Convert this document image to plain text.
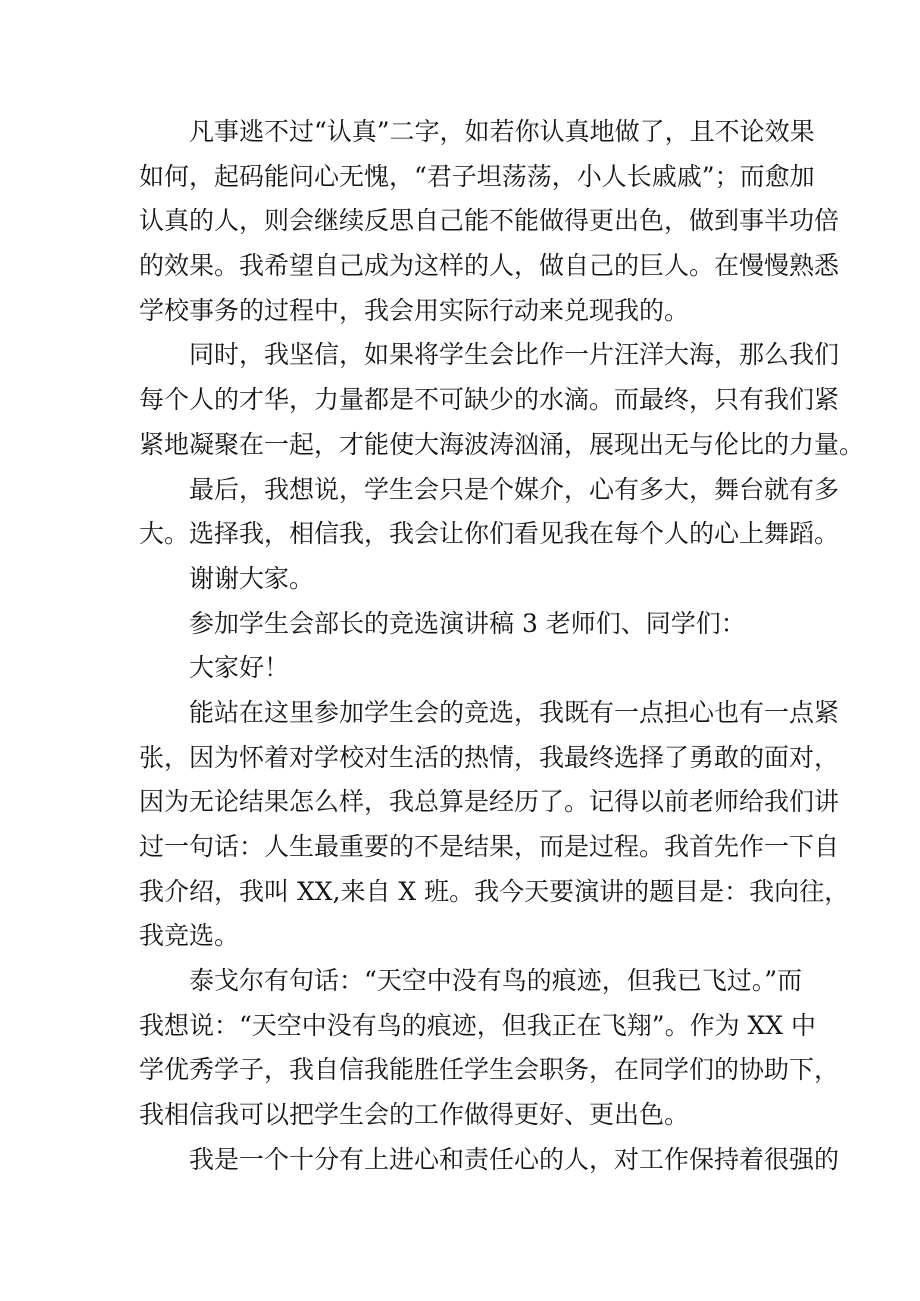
凡事逃不过“认真”二字，如若你认真地做了，且不论效果
如何，起码能问心无愧，“君子坦荡荡，小人长戚戚”；而愈加
认真的人，则会继续反思自己能不能做得更出色，做到事半功倍
的效果。我希望自己成为这样的人，做自己的巨人。在慢慢熟悉
学校事务的过程中，我会用实际行动来兑现我的。
同时，我坚信，如果将学生会比作一片汪洋大海，那么我们
每个人的才华，力量都是不可缺少的水滴。而最终，只有我们紧
紧地凝聚在一起，才能使大海波涛汹涌，展现出无与伦比的力量。
最后，我想说，学生会只是个媒介，心有多大，舞台就有多
大。选择我，相信我，我会让你们看见我在每个人的心上舞蹈。
谢谢大家。
参加学生会部长的竞选演讲稿 3 老师们、同学们：
大家好！
能站在这里参加学生会的竞选，我既有一点担心也有一点紧
张，因为怀着对学校对生活的热情，我最终选择了勇敢的面对，
因为无论结果怎么样，我总算是经历了。记得以前老师给我们讲
过一句话：人生最重要的不是结果，而是过程。我首先作一下自
我介绍，我叫 XX,来自 X 班。我今天要演讲的题目是：我向往，
我竞选。
泰戈尔有句话：“天空中没有鸟的痕迹，但我已飞过。”而
我想说：“天空中没有鸟的痕迹，但我正在飞翔”。作为 XX 中
学优秀学子，我自信我能胜任学生会职务，在同学们的协助下，
我相信我可以把学生会的工作做得更好、更出色。
我是一个十分有上进心和责任心的人，对工作保持着很强的
